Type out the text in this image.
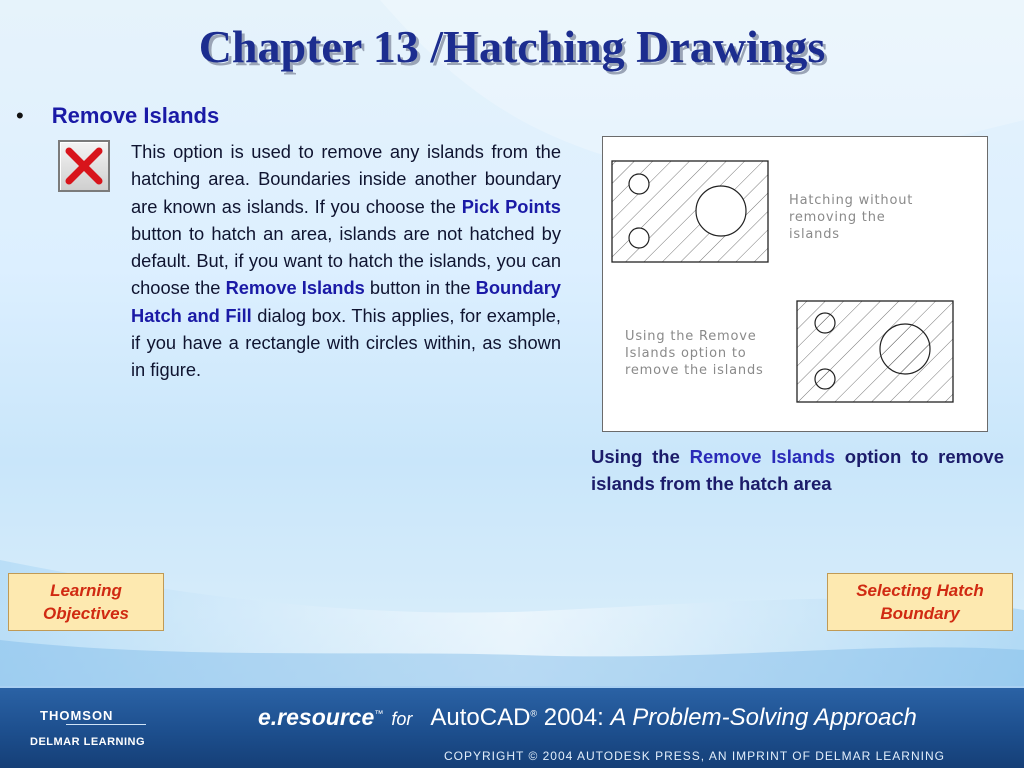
Chapter 13 /Hatching Drawings
• Remove Islands

This option is used to remove any islands from the hatching area. Boundaries inside another boundary are known as islands. If you choose the Pick Points button to hatch an area, islands are not hatched by default. But, if you want to hatch the islands, you can choose the Remove Islands button in the Boundary Hatch and Fill dialog box. This applies, for example, if you have a rectangle with circles within, as shown in figure.

Hatching without
removing the
islands
Using the Remove
Islands option to
remove the islands

Using the Remove Islands option to remove islands from the hatch area

Learning
Objectives
Selecting Hatch
Boundary
THOMSON
DELMAR LEARNING
e.resource™ for AutoCAD® 2004: A Problem-Solving Approach
COPYRIGHT © 2004 AUTODESK PRESS, AN IMPRINT OF DELMAR LEARNING
